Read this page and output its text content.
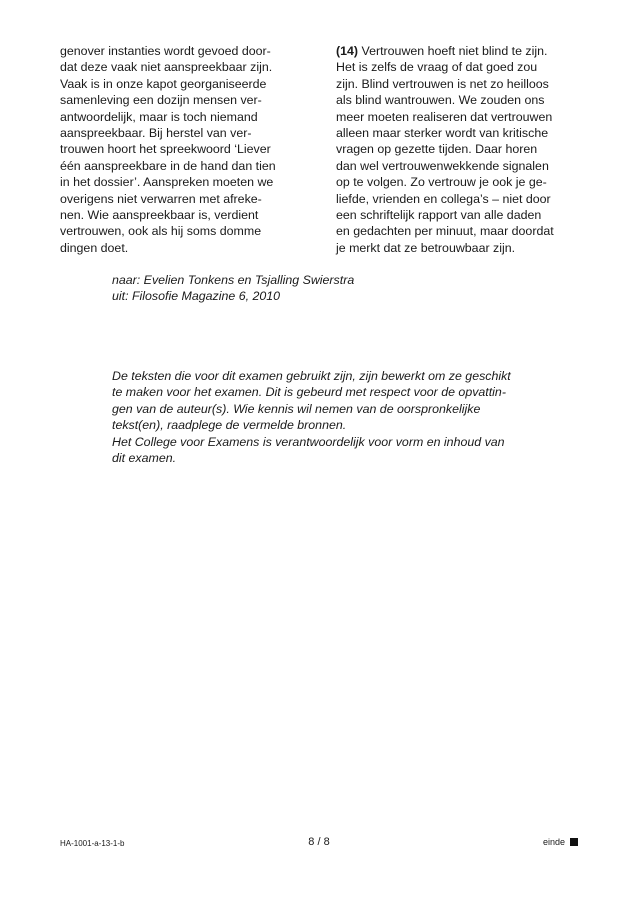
genover instanties wordt gevoed door-
dat deze vaak niet aanspreekbaar zijn.
Vaak is in onze kapot georganiseerde
samenleving een dozijn mensen ver-
antwoordelijk, maar is toch niemand
aanspreekbaar. Bij herstel van ver-
trouwen hoort het spreekwoord ‘Liever
één aanspreekbare in de hand dan tien
in het dossier’. Aanspreken moeten we
overigens niet verwarren met afreke-
nen. Wie aanspreekbaar is, verdient
vertrouwen, ook als hij soms domme
dingen doet.
(14) Vertrouwen hoeft niet blind te zijn.
Het is zelfs de vraag of dat goed zou
zijn. Blind vertrouwen is net zo heilloos
als blind wantrouwen. We zouden ons
meer moeten realiseren dat vertrouwen
alleen maar sterker wordt van kritische
vragen op gezette tijden. Daar horen
dan wel vertrouwenwekkende signalen
op te volgen. Zo vertrouw je ook je ge-
liefde, vrienden en collega’s – niet door
een schriftelijk rapport van alle daden
en gedachten per minuut, maar doordat
je merkt dat ze betrouwbaar zijn.
naar: Evelien Tonkens en Tsjalling Swierstra
uit: Filosofie Magazine 6, 2010
De teksten die voor dit examen gebruikt zijn, zijn bewerkt om ze geschikt
te maken voor het examen. Dit is gebeurd met respect voor de opvattin-
gen van de auteur(s). Wie kennis wil nemen van de oorspronkelijke
tekst(en), raadplege de vermelde bronnen.
Het College voor Examens is verantwoordelijk voor vorm en inhoud van
dit examen.
HA-1001-a-13-1-b	8 / 8	einde
